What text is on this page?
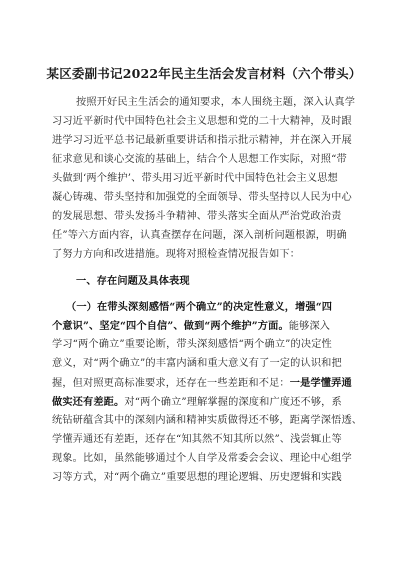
某区委副书记2022年民主生活会发言材料（六个带头）
按照开好民主生活会的通知要求，本人围绕主题，深入认真学
习习近平新时代中国特色社会主义思想和党的二十大精神，及时跟
进学习习近平总书记最新重要讲话和指示批示精神，并在深入开展
征求意见和谈心交流的基础上，结合个人思想工作实际，对照“带
头做到‘两个维护’、带头用习近平新时代中国特色社会主义思想
凝心铸魂、带头坚持和加强党的全面领导、带头坚持以人民为中心
的发展思想、带头发扬斗争精神、带头落实全面从严治党政治责
任”等六方面内容，认真查摆存在问题，深入剖析问题根源，明确
了努力方向和改进措施。现将对照检查情况报告如下：
一、存在问题及具体表现
（一）在带头深刻感悟“两个确立”的决定性意义，增强“四
个意识”、坚定“四个自信”、做到“两个维护”方面。能够深入
学习“两个确立”重要论断，带头深刻感悟“两个确立”的决定性
意义，对“两个确立”的丰富内涵和重大意义有了一定的认识和把
握，但对照更高标准要求，还存在一些差距和不足：一是学懂弄通
做实还有差距。对“两个确立”理解掌握的深度和广度还不够，系
统钻研蕴含其中的深刻内涵和精神实质做得还不够，距离学深悟透、
学懂弄通还有差距，还存在“知其然不知其所以然”、浅尝辄止等
现象。比如，虽然能够通过个人自学及常委会会议、理论中心组学
习等方式，对“两个确立”重要思想的理论逻辑、历史逻辑和实践
